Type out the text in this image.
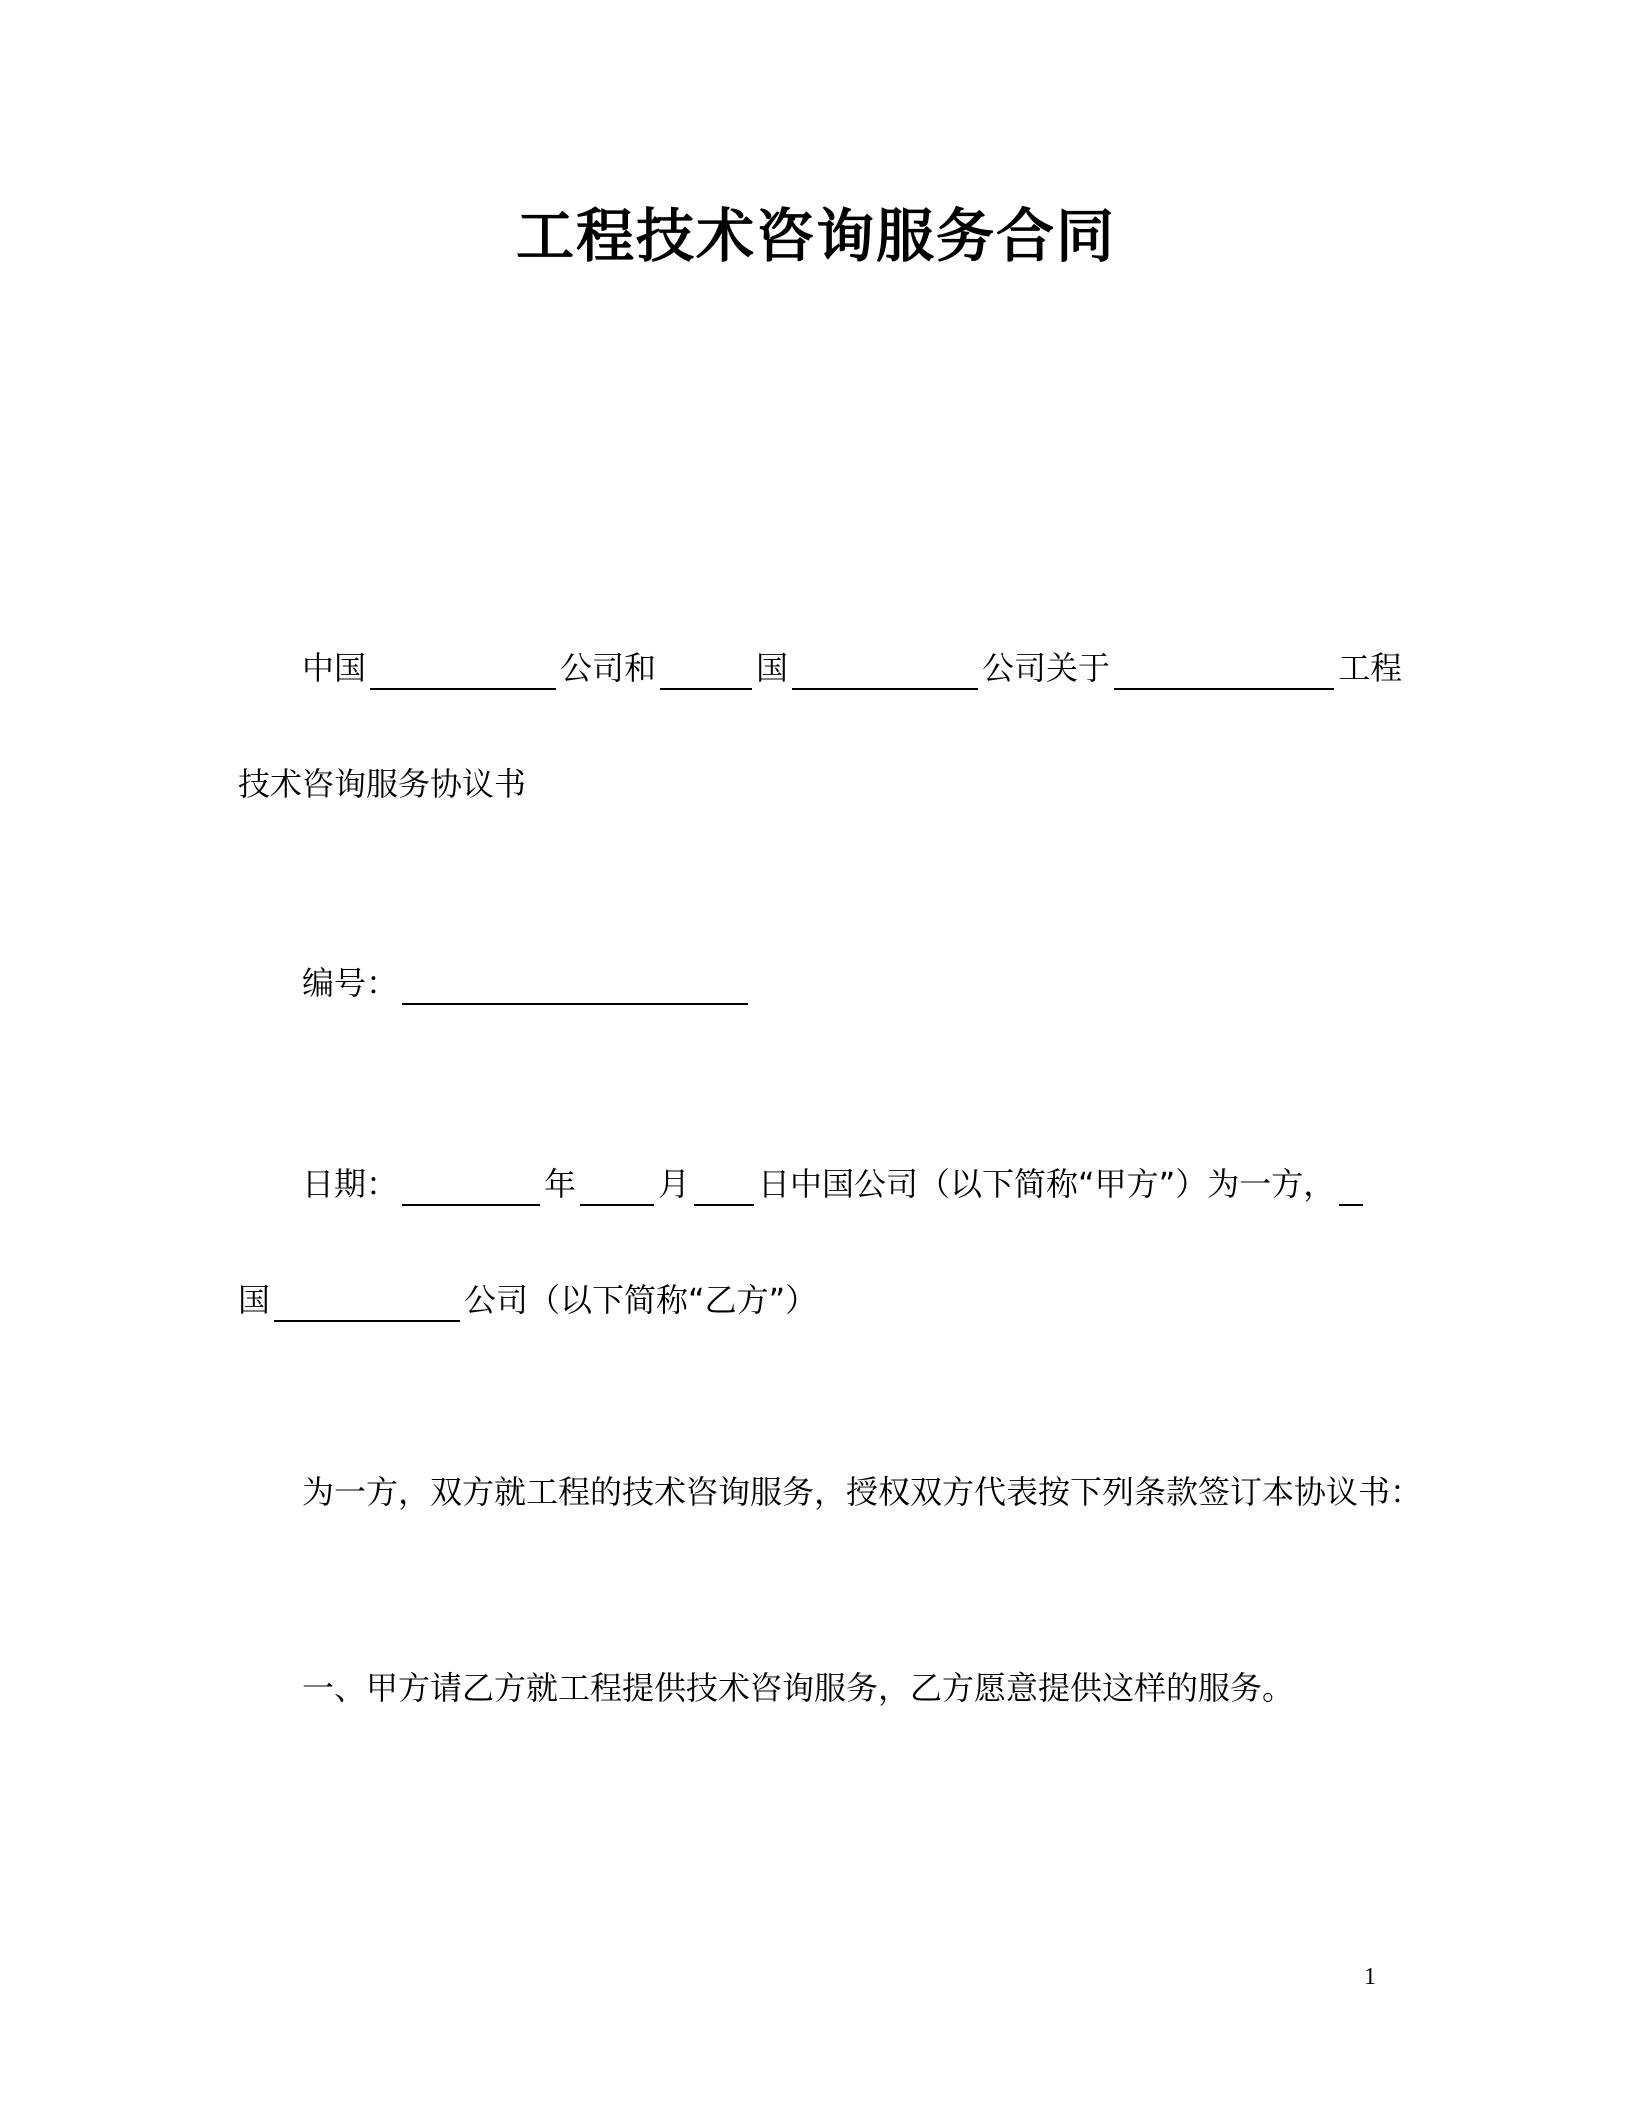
工程技术咨询服务合同
中国	公司和	国	公司关于	工程
技术咨询服务协议书
编号：
日期：	年	月 日中国公司（以下简称“甲方”）为一方，
国	公司（以下简称“乙方”）
为一方，双方就工程的技术咨询服务，授权双方代表按下列条款签订本协议书：
一、甲方请乙方就工程提供技术咨询服务，乙方愿意提供这样的服务。
1
